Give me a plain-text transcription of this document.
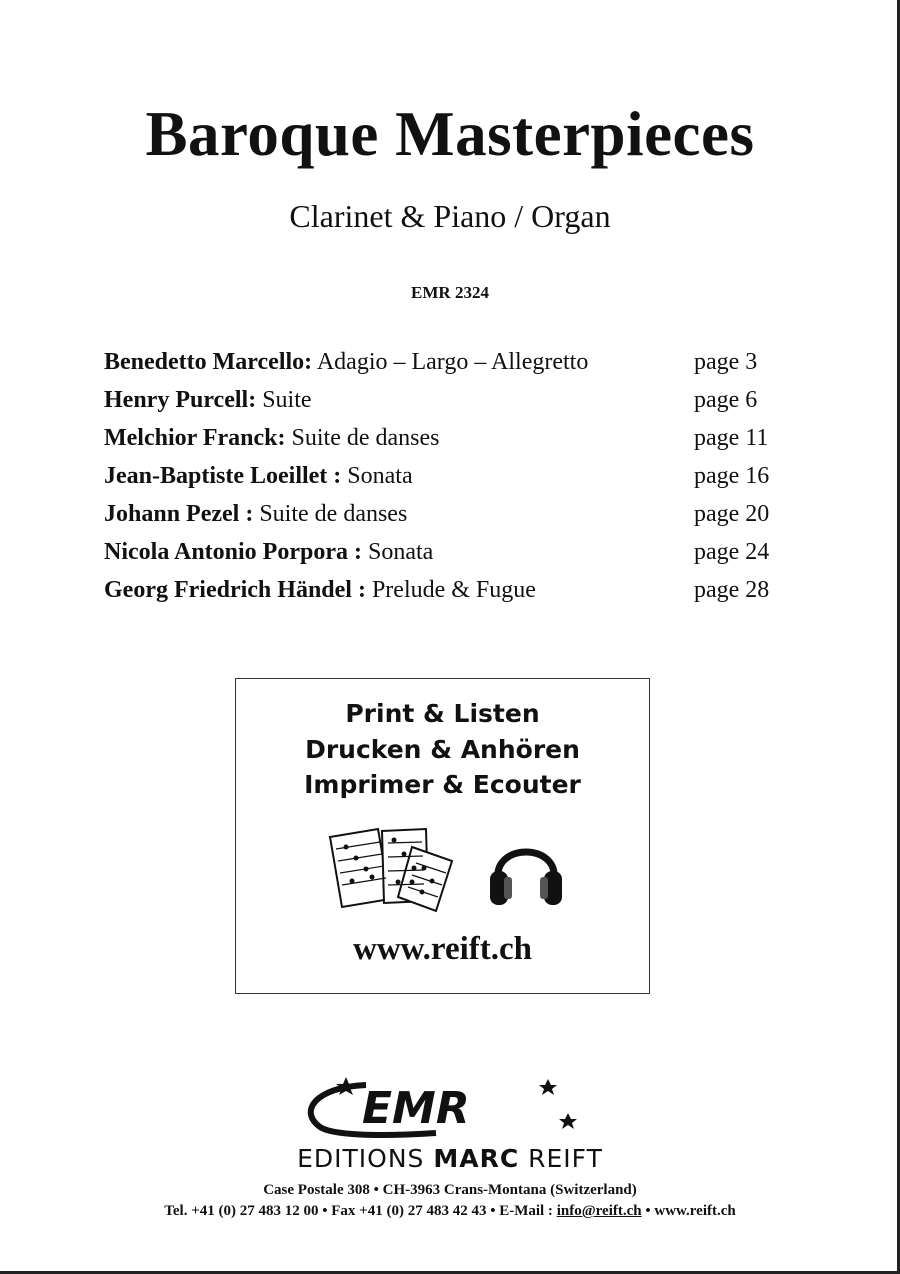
Baroque Masterpieces
Clarinet & Piano / Organ
EMR 2324
Benedetto Marcello: Adagio – Largo – Allegretto	page 3
Henry Purcell: Suite	page 6
Melchior Franck: Suite de danses	page 11
Jean-Baptiste Loeillet : Sonata	page 16
Johann Pezel : Suite de danses	page 20
Nicola Antonio Porpora : Sonata	page 24
Georg Friedrich Händel : Prelude & Fugue	page 28
Print & Listen
Drucken & Anhören
Imprimer & Ecouter
www.reift.ch
EMR
EDITIONS MARC REIFT
Case Postale 308 • CH-3963 Crans-Montana (Switzerland)
Tel. +41 (0) 27 483 12 00 • Fax +41 (0) 27 483 42 43 • E-Mail : info@reift.ch • www.reift.ch
